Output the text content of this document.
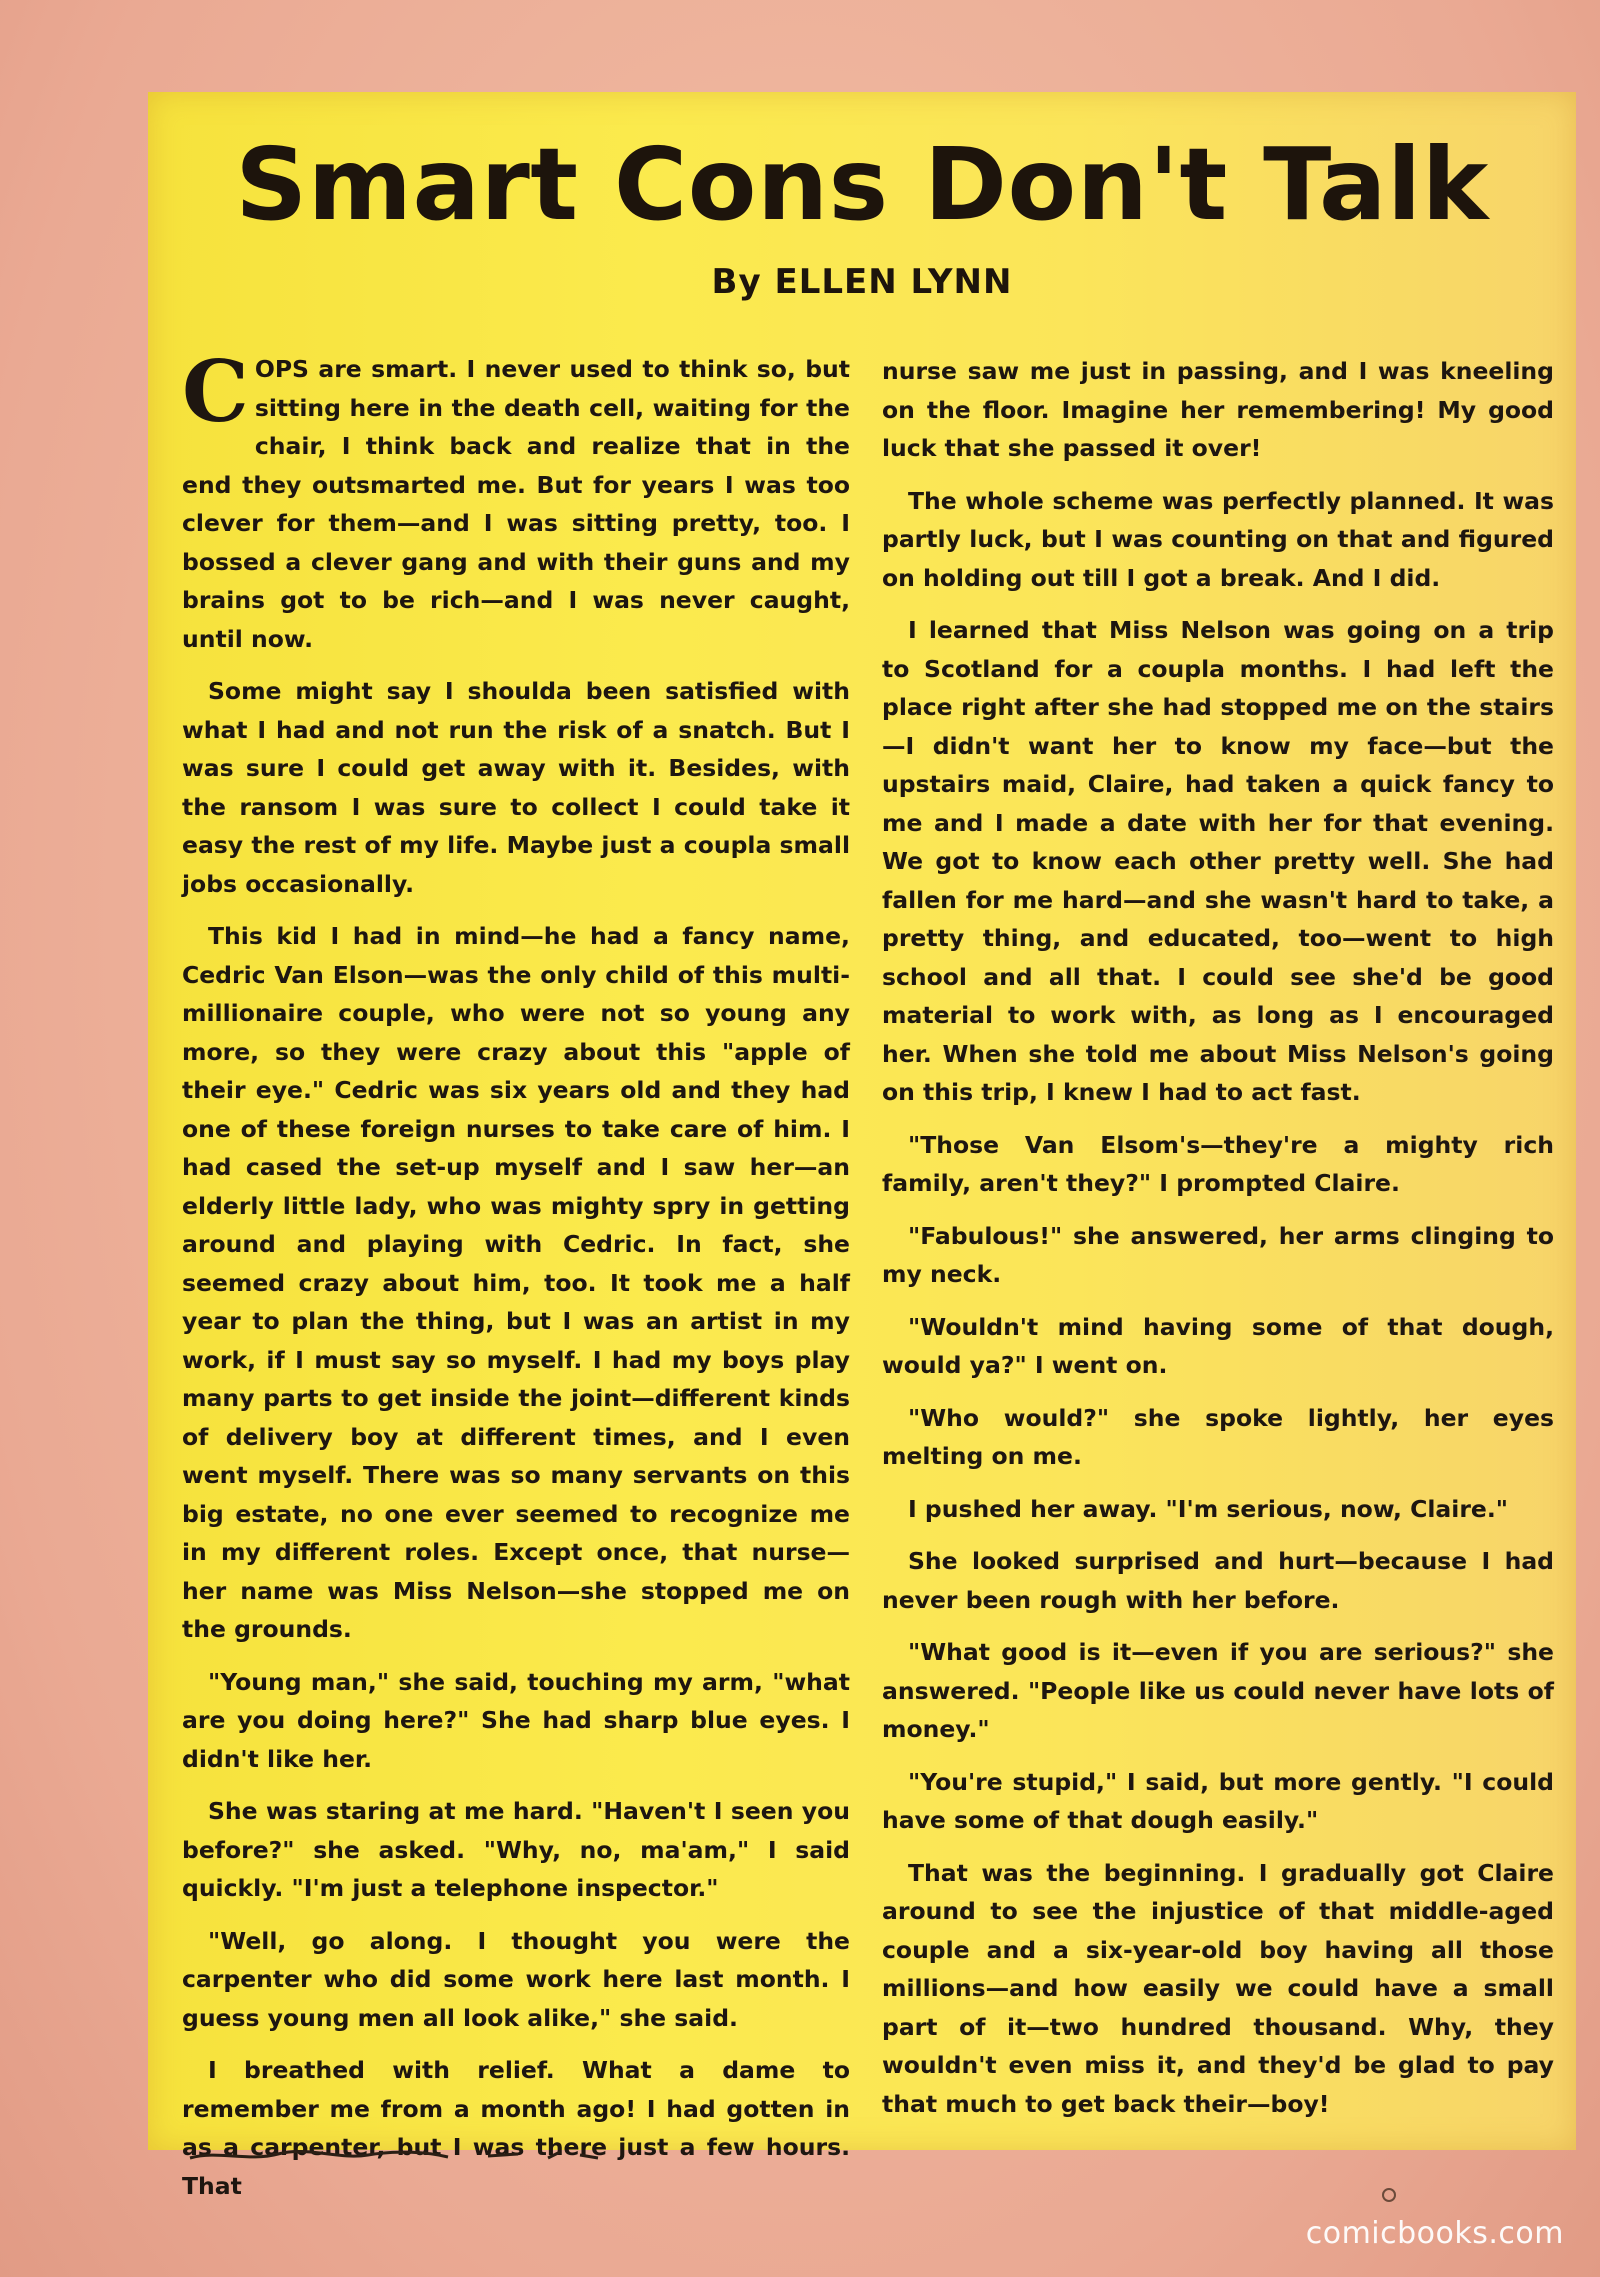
Smart Cons Don't Talk
By ELLEN LYNN

C OPS are smart. I never used to think so, but sitting here in the death cell, waiting for the chair, I think back and realize that in the end they outsmarted me. But for years I was too clever for them—and I was sitting pretty, too. I bossed a clever gang and with their guns and my brains got to be rich—and I was never caught, until now.

Some might say I shoulda been satisfied with what I had and not run the risk of a snatch. But I was sure I could get away with it. Besides, with the ransom I was sure to collect I could take it easy the rest of my life. Maybe just a coupla small jobs occasionally.

This kid I had in mind—he had a fancy name, Cedric Van Elson—was the only child of this multi-millionaire couple, who were not so young any more, so they were crazy about this "apple of their eye." Cedric was six years old and they had one of these foreign nurses to take care of him. I had cased the set-up myself and I saw her—an elderly little lady, who was mighty spry in getting around and playing with Cedric. In fact, she seemed crazy about him, too. It took me a half year to plan the thing, but I was an artist in my work, if I must say so myself. I had my boys play many parts to get inside the joint—different kinds of delivery boy at different times, and I even went myself. There was so many servants on this big estate, no one ever seemed to recognize me in my different roles. Except once, that nurse—her name was Miss Nelson—she stopped me on the grounds.

"Young man," she said, touching my arm, "what are you doing here?" She had sharp blue eyes. I didn't like her.

She was staring at me hard. "Haven't I seen you before?" she asked. "Why, no, ma'am," I said quickly. "I'm just a telephone inspector."

"Well, go along. I thought you were the carpenter who did some work here last month. I guess young men all look alike," she said.

I breathed with relief. What a dame to remember me from a month ago! I had gotten in as a carpenter, but I was there just a few hours. That

nurse saw me just in passing, and I was kneeling on the floor. Imagine her remembering! My good luck that she passed it over!

The whole scheme was perfectly planned. It was partly luck, but I was counting on that and figured on holding out till I got a break. And I did.

I learned that Miss Nelson was going on a trip to Scotland for a coupla months. I had left the place right after she had stopped me on the stairs—I didn't want her to know my face—but the upstairs maid, Claire, had taken a quick fancy to me and I made a date with her for that evening. We got to know each other pretty well. She had fallen for me hard—and she wasn't hard to take, a pretty thing, and educated, too—went to high school and all that. I could see she'd be good material to work with, as long as I encouraged her. When she told me about Miss Nelson's going on this trip, I knew I had to act fast.

"Those Van Elsom's—they're a mighty rich family, aren't they?" I prompted Claire.

"Fabulous!" she answered, her arms clinging to my neck.

"Wouldn't mind having some of that dough, would ya?" I went on.

"Who would?" she spoke lightly, her eyes melting on me.

I pushed her away. "I'm serious, now, Claire."

She looked surprised and hurt—because I had never been rough with her before.

"What good is it—even if you are serious?" she answered. "People like us could never have lots of money."

"You're stupid," I said, but more gently. "I could have some of that dough easily."

That was the beginning. I gradually got Claire around to see the injustice of that middle-aged couple and a six-year-old boy having all those millions—and how easily we could have a small part of it—two hundred thousand. Why, they wouldn't even miss it, and they'd be glad to pay that much to get back their—boy!

comicbooks.com
